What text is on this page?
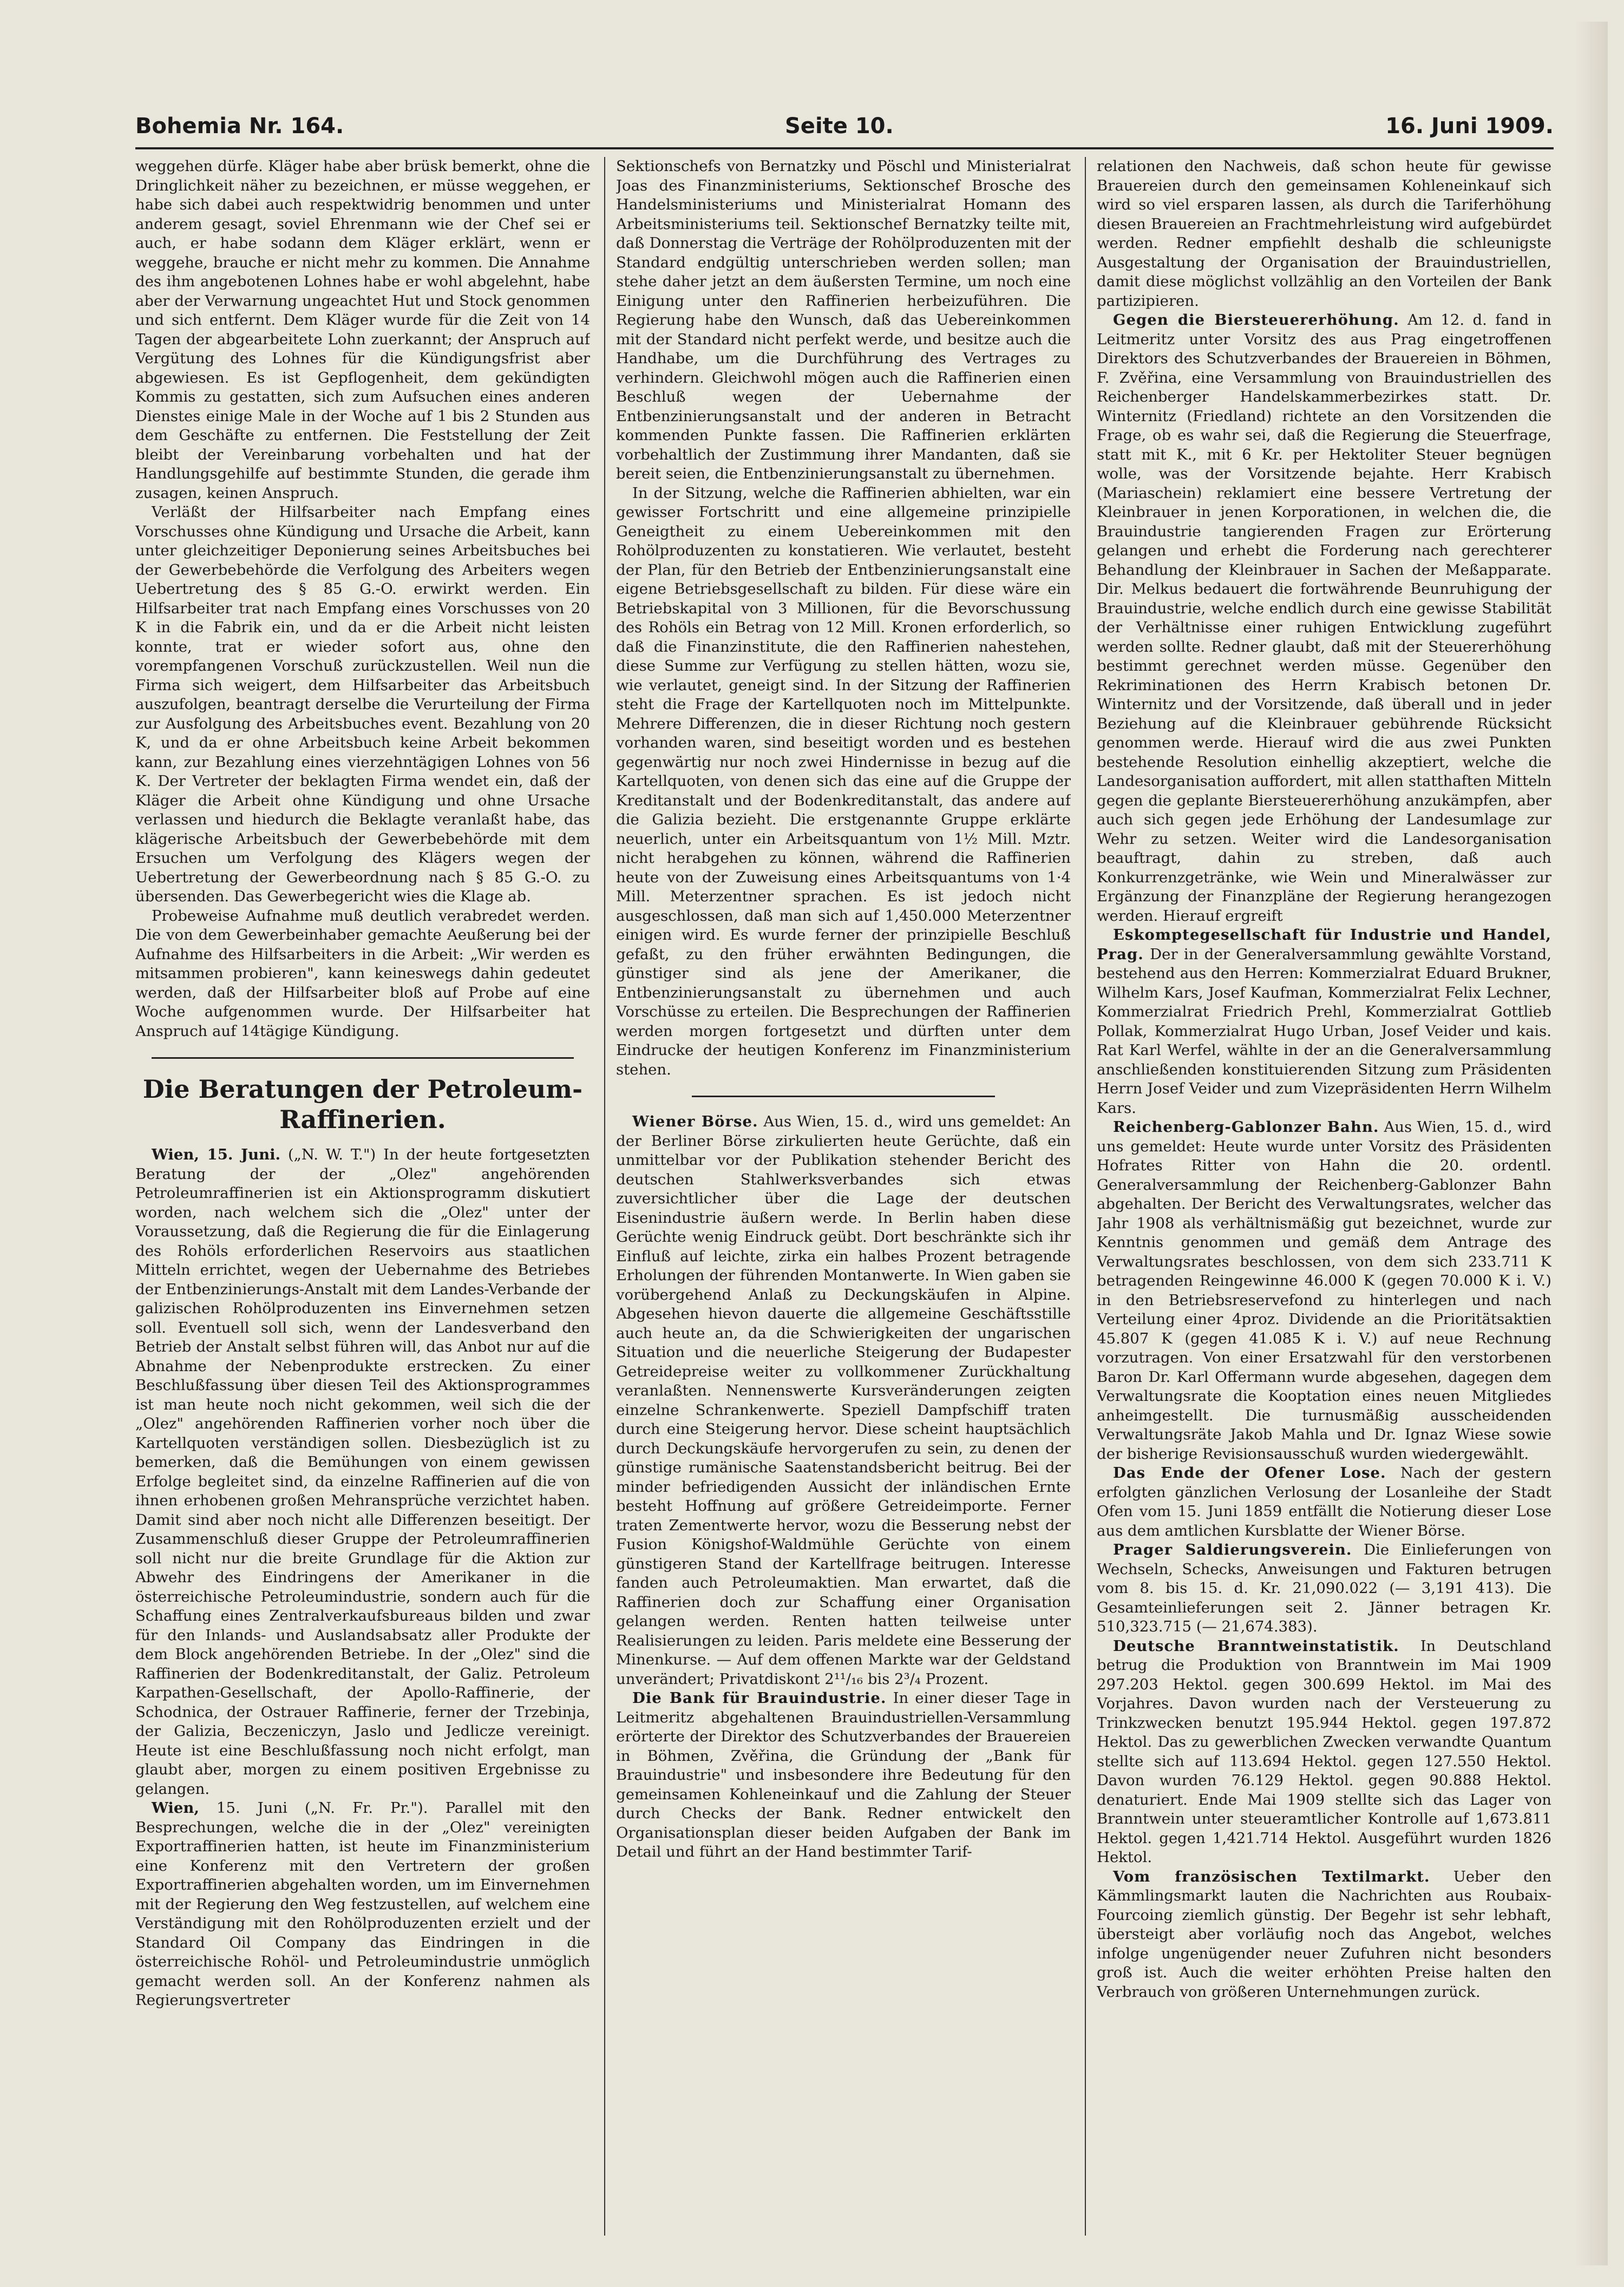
Bohemia Nr. 164.	Seite 10.	16. Juni 1909.

weggehen dürfe. Kläger habe aber brüsk bemerkt, ohne die Dringlichkeit näher zu bezeichnen, er müsse weggehen, er habe sich dabei auch respektwidrig benommen und unter anderem gesagt, soviel Ehrenmann wie der Chef sei er auch, er habe sodann dem Kläger erklärt, wenn er weggehe, brauche er nicht mehr zu kommen. Die Annahme des ihm angebotenen Lohnes habe er wohl abgelehnt, habe aber der Verwarnung ungeachtet Hut und Stock genommen und sich entfernt. Dem Kläger wurde für die Zeit von 14 Tagen der abgearbeitete Lohn zuerkannt; der Anspruch auf Vergütung des Lohnes für die Kündigungsfrist aber abgewiesen. Es ist Gepflogenheit, dem gekündigten Kommis zu gestatten, sich zum Aufsuchen eines anderen Dienstes einige Male in der Woche auf 1 bis 2 Stunden aus dem Geschäfte zu entfernen. Die Feststellung der Zeit bleibt der Vereinbarung vorbehalten und hat der Handlungsgehilfe auf bestimmte Stunden, die gerade ihm zusagen, keinen Anspruch.

Verläßt der Hilfsarbeiter nach Empfang eines Vorschusses ohne Kündigung und Ursache die Arbeit, kann unter gleichzeitiger Deponierung seines Arbeitsbuches bei der Gewerbebehörde die Verfolgung des Arbeiters wegen Uebertretung des § 85 G.-O. erwirkt werden. Ein Hilfsarbeiter trat nach Empfang eines Vorschusses von 20 K in die Fabrik ein, und da er die Arbeit nicht leisten konnte, trat er wieder sofort aus, ohne den vorempfangenen Vorschuß zurückzustellen. Weil nun die Firma sich weigert, dem Hilfsarbeiter das Arbeitsbuch auszufolgen, beantragt derselbe die Verurteilung der Firma zur Ausfolgung des Arbeitsbuches event. Bezahlung von 20 K, und da er ohne Arbeitsbuch keine Arbeit bekommen kann, zur Bezahlung eines vierzehntägigen Lohnes von 56 K. Der Vertreter der beklagten Firma wendet ein, daß der Kläger die Arbeit ohne Kündigung und ohne Ursache verlassen und hiedurch die Beklagte veranlaßt habe, das klägerische Arbeitsbuch der Gewerbebehörde mit dem Ersuchen um Verfolgung des Klägers wegen der Uebertretung der Gewerbeordnung nach § 85 G.-O. zu übersenden. Das Gewerbegericht wies die Klage ab.

Probeweise Aufnahme muß deutlich verabredet werden. Die von dem Gewerbeinhaber gemachte Aeußerung bei der Aufnahme des Hilfsarbeiters in die Arbeit: „Wir werden es mitsammen probieren", kann keineswegs dahin gedeutet werden, daß der Hilfsarbeiter bloß auf Probe auf eine Woche aufgenommen wurde. Der Hilfsarbeiter hat Anspruch auf 14tägige Kündigung.

Die Beratungen der Petroleum-Raffinerien.

Wien, 15. Juni. („N. W. T.") In der heute fortgesetzten Beratung der der „Olez" angehörenden Petroleumraffinerien ist ein Aktionsprogramm diskutiert worden, nach welchem sich die „Olez" unter der Voraussetzung, daß die Regierung die für die Einlagerung des Rohöls erforderlichen Reservoirs aus staatlichen Mitteln errichtet, wegen der Uebernahme des Betriebes der Entbenzinierungs-Anstalt mit dem Landes-Verbande der galizischen Rohölproduzenten ins Einvernehmen setzen soll. Eventuell soll sich, wenn der Landesverband den Betrieb der Anstalt selbst führen will, das Anbot nur auf die Abnahme der Nebenprodukte erstrecken. Zu einer Beschlußfassung über diesen Teil des Aktionsprogrammes ist man heute noch nicht gekommen, weil sich die der „Olez" angehörenden Raffinerien vorher noch über die Kartellquoten verständigen sollen. Diesbezüglich ist zu bemerken, daß die Bemühungen von einem gewissen Erfolge begleitet sind, da einzelne Raffinerien auf die von ihnen erhobenen großen Mehransprüche verzichtet haben. Damit sind aber noch nicht alle Differenzen beseitigt. Der Zusammenschluß dieser Gruppe der Petroleumraffinerien soll nicht nur die breite Grundlage für die Aktion zur Abwehr des Eindringens der Amerikaner in die österreichische Petroleumindustrie, sondern auch für die Schaffung eines Zentralverkaufsbureaus bilden und zwar für den Inlands- und Auslandsabsatz aller Produkte der dem Block angehörenden Betriebe. In der „Olez" sind die Raffinerien der Bodenkreditanstalt, der Galiz. Petroleum Karpathen-Gesellschaft, der Apollo-Raffinerie, der Schodnica, der Ostrauer Raffinerie, ferner der Trzebinja, der Galizia, Beczeniczyn, Jaslo und Jedlicze vereinigt. Heute ist eine Beschlußfassung noch nicht erfolgt, man glaubt aber, morgen zu einem positiven Ergebnisse zu gelangen.

Wien, 15. Juni („N. Fr. Pr."). Parallel mit den Besprechungen, welche die in der „Olez" vereinigten Exportraffinerien hatten, ist heute im Finanzministerium eine Konferenz mit den Vertretern der großen Exportraffinerien abgehalten worden, um im Einvernehmen mit der Regierung den Weg festzustellen, auf welchem eine Verständigung mit den Rohölproduzenten erzielt und der Standard Oil Company das Eindringen in die österreichische Rohöl- und Petroleumindustrie unmöglich gemacht werden soll. An der Konferenz nahmen als Regierungsvertreter

Sektionschefs von Bernatzky und Pöschl und Ministerialrat Joas des Finanzministeriums, Sektionschef Brosche des Handelsministeriums und Ministerialrat Homann des Arbeitsministeriums teil. Sektionschef Bernatzky teilte mit, daß Donnerstag die Verträge der Rohölproduzenten mit der Standard endgültig unterschrieben werden sollen; man stehe daher jetzt an dem äußersten Termine, um noch eine Einigung unter den Raffinerien herbeizuführen. Die Regierung habe den Wunsch, daß das Uebereinkommen mit der Standard nicht perfekt werde, und besitze auch die Handhabe, um die Durchführung des Vertrages zu verhindern. Gleichwohl mögen auch die Raffinerien einen Beschluß wegen der Uebernahme der Entbenzinierungsanstalt und der anderen in Betracht kommenden Punkte fassen. Die Raffinerien erklärten vorbehaltlich der Zustimmung ihrer Mandanten, daß sie bereit seien, die Entbenzinierungsanstalt zu übernehmen.

In der Sitzung, welche die Raffinerien abhielten, war ein gewisser Fortschritt und eine allgemeine prinzipielle Geneigtheit zu einem Uebereinkommen mit den Rohölproduzenten zu konstatieren. Wie verlautet, besteht der Plan, für den Betrieb der Entbenzinierungsanstalt eine eigene Betriebsgesellschaft zu bilden. Für diese wäre ein Betriebskapital von 3 Millionen, für die Bevorschussung des Rohöls ein Betrag von 12 Mill. Kronen erforderlich, so daß die Finanzinstitute, die den Raffinerien nahestehen, diese Summe zur Verfügung zu stellen hätten, wozu sie, wie verlautet, geneigt sind. In der Sitzung der Raffinerien steht die Frage der Kartellquoten noch im Mittelpunkte. Mehrere Differenzen, die in dieser Richtung noch gestern vorhanden waren, sind beseitigt worden und es bestehen gegenwärtig nur noch zwei Hindernisse in bezug auf die Kartellquoten, von denen sich das eine auf die Gruppe der Kreditanstalt und der Bodenkreditanstalt, das andere auf die Galizia bezieht. Die erstgenannte Gruppe erklärte neuerlich, unter ein Arbeitsquantum von 1½ Mill. Mztr. nicht herabgehen zu können, während die Raffinerien heute von der Zuweisung eines Arbeitsquantums von 1·4 Mill. Meterzentner sprachen. Es ist jedoch nicht ausgeschlossen, daß man sich auf 1,450.000 Meterzentner einigen wird. Es wurde ferner der prinzipielle Beschluß gefaßt, zu den früher erwähnten Bedingungen, die günstiger sind als jene der Amerikaner, die Entbenzinierungsanstalt zu übernehmen und auch Vorschüsse zu erteilen. Die Besprechungen der Raffinerien werden morgen fortgesetzt und dürften unter dem Eindrucke der heutigen Konferenz im Finanzministerium stehen.

Wiener Börse. Aus Wien, 15. d., wird uns gemeldet: An der Berliner Börse zirkulierten heute Gerüchte, daß ein unmittelbar vor der Publikation stehender Bericht des deutschen Stahlwerksverbandes sich etwas zuversichtlicher über die Lage der deutschen Eisenindustrie äußern werde. In Berlin haben diese Gerüchte wenig Eindruck geübt. Dort beschränkte sich ihr Einfluß auf leichte, zirka ein halbes Prozent betragende Erholungen der führenden Montanwerte. In Wien gaben sie vorübergehend Anlaß zu Deckungskäufen in Alpine. Abgesehen hievon dauerte die allgemeine Geschäftsstille auch heute an, da die Schwierigkeiten der ungarischen Situation und die neuerliche Steigerung der Budapester Getreidepreise weiter zu vollkommener Zurückhaltung veranlaßten. Nennenswerte Kursveränderungen zeigten einzelne Schrankenwerte. Speziell Dampfschiff traten durch eine Steigerung hervor. Diese scheint hauptsächlich durch Deckungskäufe hervorgerufen zu sein, zu denen der günstige rumänische Saatenstandsbericht beitrug. Bei der minder befriedigenden Aussicht der inländischen Ernte besteht Hoffnung auf größere Getreideimporte. Ferner traten Zementwerte hervor, wozu die Besserung nebst der Fusion Königshof-Waldmühle Gerüchte von einem günstigeren Stand der Kartellfrage beitrugen. Interesse fanden auch Petroleumaktien. Man erwartet, daß die Raffinerien doch zur Schaffung einer Organisation gelangen werden. Renten hatten teilweise unter Realisierungen zu leiden. Paris meldete eine Besserung der Minenkurse. — Auf dem offenen Markte war der Geldstand unverändert; Privatdiskont 2¹¹/₁₆ bis 2³/₄ Prozent.

Die Bank für Brauindustrie. In einer dieser Tage in Leitmeritz abgehaltenen Brauindustriellen-Versammlung erörterte der Direktor des Schutzverbandes der Brauereien in Böhmen, Zvěřina, die Gründung der „Bank für Brauindustrie" und insbesondere ihre Bedeutung für den gemeinsamen Kohleneinkauf und die Zahlung der Steuer durch Checks der Bank. Redner entwickelt den Organisationsplan dieser beiden Aufgaben der Bank im Detail und führt an der Hand bestimmter Tarif-

relationen den Nachweis, daß schon heute für gewisse Brauereien durch den gemeinsamen Kohleneinkauf sich wird so viel ersparen lassen, als durch die Tariferhöhung diesen Brauereien an Frachtmehrleistung wird aufgebürdet werden. Redner empfiehlt deshalb die schleunigste Ausgestaltung der Organisation der Brauindustriellen, damit diese möglichst vollzählig an den Vorteilen der Bank partizipieren.

Gegen die Biersteuererhöhung. Am 12. d. fand in Leitmeritz unter Vorsitz des aus Prag eingetroffenen Direktors des Schutzverbandes der Brauereien in Böhmen, F. Zvěřina, eine Versammlung von Brauindustriellen des Reichenberger Handelskammerbezirkes statt. Dr. Winternitz (Friedland) richtete an den Vorsitzenden die Frage, ob es wahr sei, daß die Regierung die Steuerfrage, statt mit K., mit 6 Kr. per Hektoliter Steuer begnügen wolle, was der Vorsitzende bejahte. Herr Krabisch (Mariaschein) reklamiert eine bessere Vertretung der Kleinbrauer in jenen Korporationen, in welchen die, die Brauindustrie tangierenden Fragen zur Erörterung gelangen und erhebt die Forderung nach gerechterer Behandlung der Kleinbrauer in Sachen der Meßapparate. Dir. Melkus bedauert die fortwährende Beunruhigung der Brauindustrie, welche endlich durch eine gewisse Stabilität der Verhältnisse einer ruhigen Entwicklung zugeführt werden sollte. Redner glaubt, daß mit der Steuererhöhung bestimmt gerechnet werden müsse. Gegenüber den Rekriminationen des Herrn Krabisch betonen Dr. Winternitz und der Vorsitzende, daß überall und in jeder Beziehung auf die Kleinbrauer gebührende Rücksicht genommen werde. Hierauf wird die aus zwei Punkten bestehende Resolution einhellig akzeptiert, welche die Landesorganisation auffordert, mit allen statthaften Mitteln gegen die geplante Biersteuererhöhung anzukämpfen, aber auch sich gegen jede Erhöhung der Landesumlage zur Wehr zu setzen. Weiter wird die Landesorganisation beauftragt, dahin zu streben, daß auch Konkurrenzgetränke, wie Wein und Mineralwässer zur Ergänzung der Finanzpläne der Regierung herangezogen werden. Hierauf ergreift

Eskomptegesellschaft für Industrie und Handel, Prag. Der in der Generalversammlung gewählte Vorstand, bestehend aus den Herren: Kommerzialrat Eduard Brukner, Wilhelm Kars, Josef Kaufman, Kommerzialrat Felix Lechner, Kommerzialrat Friedrich Prehl, Kommerzialrat Gottlieb Pollak, Kommerzialrat Hugo Urban, Josef Veider und kais. Rat Karl Werfel, wählte in der an die Generalversammlung anschließenden konstituierenden Sitzung zum Präsidenten Herrn Josef Veider und zum Vizepräsidenten Herrn Wilhelm Kars.

Reichenberg-Gablonzer Bahn. Aus Wien, 15. d., wird uns gemeldet: Heute wurde unter Vorsitz des Präsidenten Hofrates Ritter von Hahn die 20. ordentl. Generalversammlung der Reichenberg-Gablonzer Bahn abgehalten. Der Bericht des Verwaltungsrates, welcher das Jahr 1908 als verhältnismäßig gut bezeichnet, wurde zur Kenntnis genommen und gemäß dem Antrage des Verwaltungsrates beschlossen, von dem sich 233.711 K betragenden Reingewinne 46.000 K (gegen 70.000 K i. V.) in den Betriebsreservefond zu hinterlegen und nach Verteilung einer 4proz. Dividende an die Prioritätsaktien 45.807 K (gegen 41.085 K i. V.) auf neue Rechnung vorzutragen. Von einer Ersatzwahl für den verstorbenen Baron Dr. Karl Offermann wurde abgesehen, dagegen dem Verwaltungsrate die Kooptation eines neuen Mitgliedes anheimgestellt. Die turnusmäßig ausscheidenden Verwaltungsräte Jakob Mahla und Dr. Ignaz Wiese sowie der bisherige Revisionsausschuß wurden wiedergewählt.

Das Ende der Ofener Lose. Nach der gestern erfolgten gänzlichen Verlosung der Losanleihe der Stadt Ofen vom 15. Juni 1859 entfällt die Notierung dieser Lose aus dem amtlichen Kursblatte der Wiener Börse.

Prager Saldierungsverein. Die Einlieferungen von Wechseln, Schecks, Anweisungen und Fakturen betrugen vom 8. bis 15. d. Kr. 21,090.022 (— 3,191 413). Die Gesamteinlieferungen seit 2. Jänner betragen Kr. 510,323.715 (— 21,674.383).

Deutsche Branntweinstatistik. In Deutschland betrug die Produktion von Branntwein im Mai 1909 297.203 Hektol. gegen 300.699 Hektol. im Mai des Vorjahres. Davon wurden nach der Versteuerung zu Trinkzwecken benutzt 195.944 Hektol. gegen 197.872 Hektol. Das zu gewerblichen Zwecken verwandte Quantum stellte sich auf 113.694 Hektol. gegen 127.550 Hektol. Davon wurden 76.129 Hektol. gegen 90.888 Hektol. denaturiert. Ende Mai 1909 stellte sich das Lager von Branntwein unter steueramtlicher Kontrolle auf 1,673.811 Hektol. gegen 1,421.714 Hektol. Ausgeführt wurden 1826 Hektol.

Vom französischen Textilmarkt. Ueber den Kämmlingsmarkt lauten die Nachrichten aus Roubaix-Fourcoing ziemlich günstig. Der Begehr ist sehr lebhaft, übersteigt aber vorläufig noch das Angebot, welches infolge ungenügender neuer Zufuhren nicht besonders groß ist. Auch die weiter erhöhten Preise halten den Verbrauch von größeren Unternehmungen zurück.
